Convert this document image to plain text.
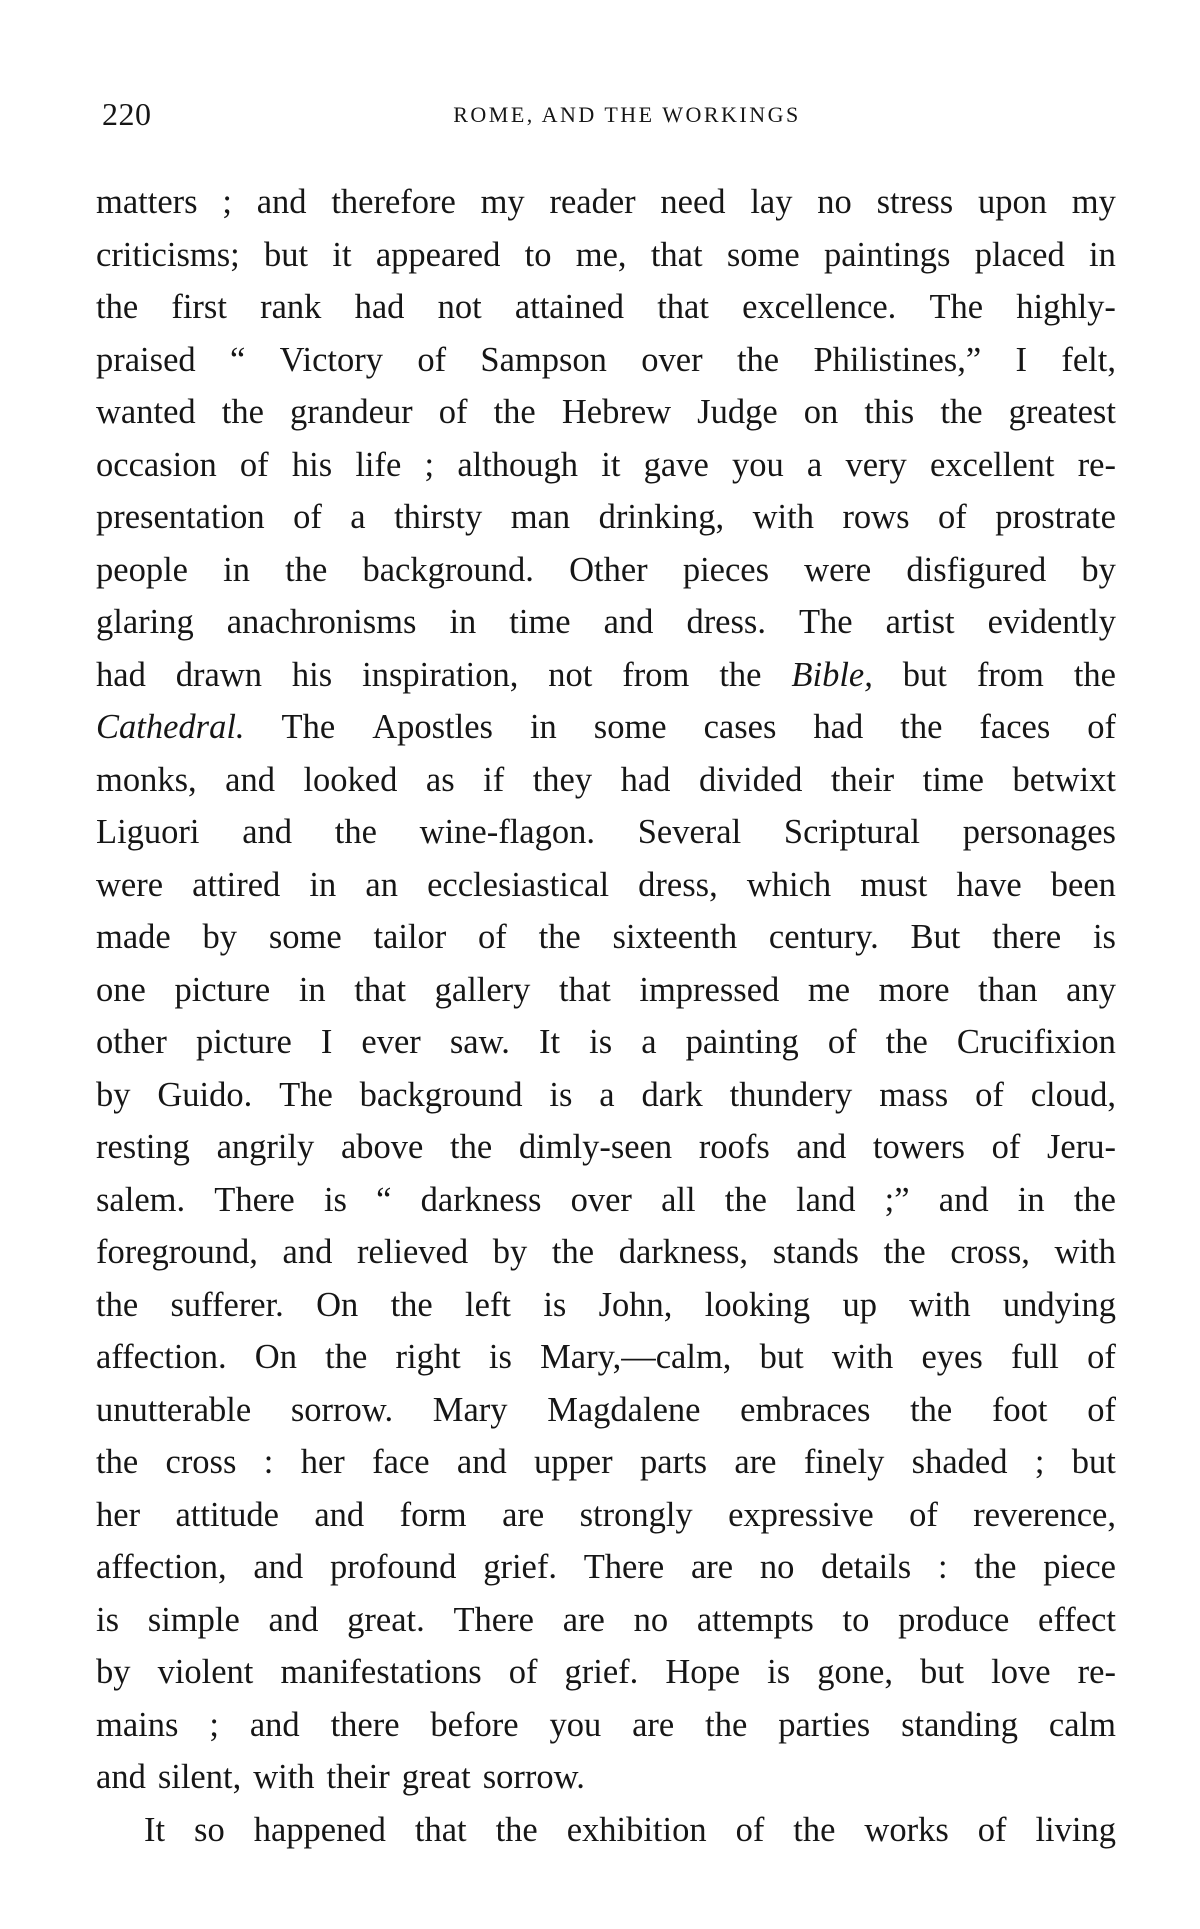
220	ROME, AND THE WORKINGS
matters ; and therefore my reader need lay no stress upon my
criticisms; but it appeared to me, that some paintings placed in
the first rank had not attained that excellence. The highly-
praised “ Victory of Sampson over the Philistines,” I felt,
wanted the grandeur of the Hebrew Judge on this the greatest
occasion of his life ; although it gave you a very excellent re-
presentation of a thirsty man drinking, with rows of prostrate
people in the background. Other pieces were disfigured by
glaring anachronisms in time and dress. The artist evidently
had drawn his inspiration, not from the Bible, but from the
Cathedral. The Apostles in some cases had the faces of
monks, and looked as if they had divided their time betwixt
Liguori and the wine-flagon. Several Scriptural personages
were attired in an ecclesiastical dress, which must have been
made by some tailor of the sixteenth century. But there is
one picture in that gallery that impressed me more than any
other picture I ever saw. It is a painting of the Crucifixion
by Guido. The background is a dark thundery mass of cloud,
resting angrily above the dimly-seen roofs and towers of Jeru-
salem. There is “ darkness over all the land ;” and in the
foreground, and relieved by the darkness, stands the cross, with
the sufferer. On the left is John, looking up with undying
affection. On the right is Mary,—calm, but with eyes full of
unutterable sorrow. Mary Magdalene embraces the foot of
the cross : her face and upper parts are finely shaded ; but
her attitude and form are strongly expressive of reverence,
affection, and profound grief. There are no details : the piece
is simple and great. There are no attempts to produce effect
by violent manifestations of grief. Hope is gone, but love re-
mains ; and there before you are the parties standing calm
and silent, with their great sorrow.
It so happened that the exhibition of the works of living
